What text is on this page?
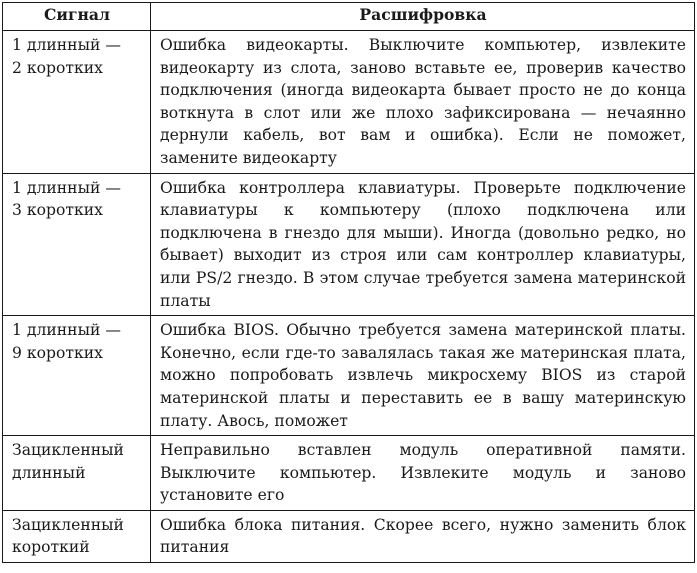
Сигнал	Расшифровка

1 длинный —
2 коротких	Ошибка видеокарты. Выключите компьютер, извлеките видеокарту из слота, заново вставьте ее, проверив качество подключения (иногда видеокарта бывает просто не до конца воткнута в слот или же плохо зафиксирована — нечаянно дернули кабель, вот вам и ошибка). Если не поможет, замените видеокарту

1 длинный —
3 коротких	Ошибка контроллера клавиатуры. Проверьте подключение клавиатуры к компьютеру (плохо подключена или подключена в гнездо для мыши). Иногда (довольно редко, но бывает) выходит из строя или сам контроллер клавиатуры, или PS/2 гнездо. В этом случае требуется замена материнской платы

1 длинный —
9 коротких	Ошибка BIOS. Обычно требуется замена материнской платы. Конечно, если где-то завалялась такая же материнская плата, можно попробовать извлечь микросхему BIOS из старой материнской платы и переставить ее в вашу материнскую плату. Авось, поможет

Зацикленный
длинный	Неправильно вставлен модуль оперативной памяти. Выключите компьютер. Извлеките модуль и заново установите его

Зацикленный
короткий	Ошибка блока питания. Скорее всего, нужно заменить блок питания
